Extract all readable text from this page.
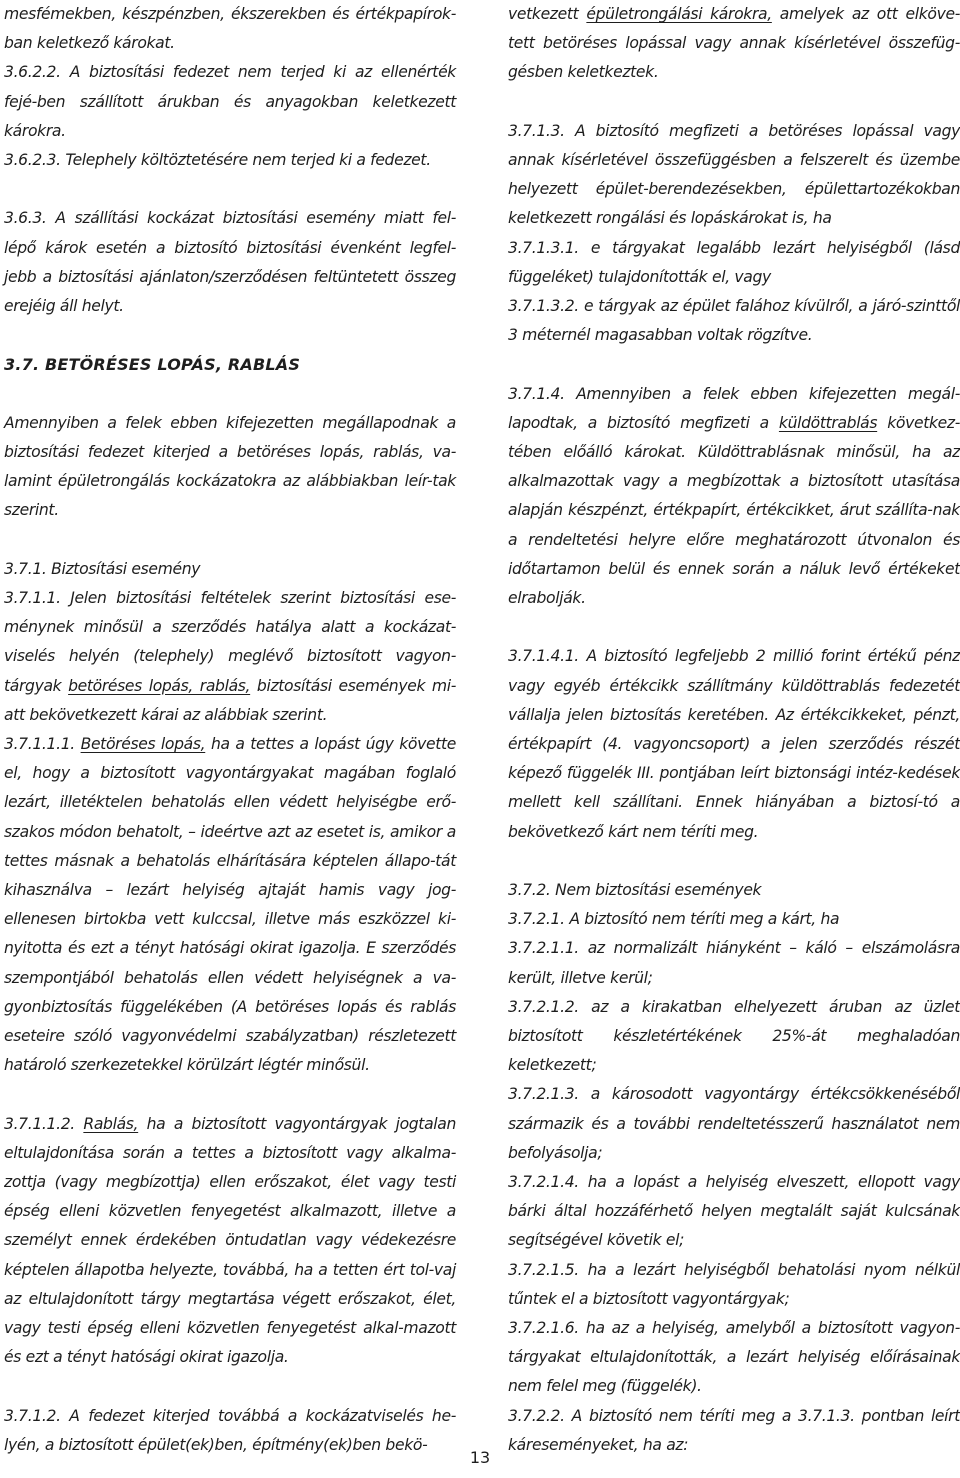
mesfémekben, készpénzben, ékszerekben és értékpapírok-ban keletkező károkat.
3.6.2.2. A biztosítási fedezet nem terjed ki az ellenérték fejé-ben szállított árukban és anyagokban keletkezett károkra.
3.6.2.3. Telephely költöztetésére nem terjed ki a fedezet.
3.6.3. A szállítási kockázat biztosítási esemény miatt fel-lépő károk esetén a biztosító biztosítási évenként legfel-jebb a biztosítási ajánlaton/szerződésen feltüntetett összeg erejéig áll helyt.
3.7. BETÖRÉSES LOPÁS, RABLÁS
Amennyiben a felek ebben kifejezetten megállapodnak a biztosítási fedezet kiterjed a betöréses lopás, rablás, va-lamint épületrongálás kockázatokra az alábbiakban leír-tak szerint.
3.7.1. Biztosítási esemény
3.7.1.1. Jelen biztosítási feltételek szerint biztosítási ese-ménynek minősül a szerződés hatálya alatt a kockázat-viselés helyén (telephely) meglévő biztosított vagyon-tárgyak betöréses lopás, rablás, biztosítási események mi-att bekövetkezett kárai az alábbiak szerint.
3.7.1.1.1. Betöréses lopás, ha a tettes a lopást úgy követte el, hogy a biztosított vagyontárgyakat magában foglaló lezárt, illetéktelen behatolás ellen védett helyiségbe erő-szakos módon behatolt, – ideértve azt az esetet is, amikor a tettes másnak a behatolás elhárítására képtelen állapo-tát kihasználva – lezárt helyiség ajtaját hamis vagy jog-ellenesen birtokba vett kulccsal, illetve más eszközzel ki-nyitotta és ezt a tényt hatósági okirat igazolja. E szerződés szempontjából behatolás ellen védett helyiségnek a va-gyonbiztosítás függelékében (A betöréses lopás és rablás eseteire szóló vagyonvédelmi szabályzatban) részletezett határoló szerkezetekkel körülzárt légtér minősül.
3.7.1.1.2. Rablás, ha a biztosított vagyontárgyak jogtalan eltulajdonítása során a tettes a biztosított vagy alkalma-zottja (vagy megbízottja) ellen erőszakot, élet vagy testi épség elleni közvetlen fenyegetést alkalmazott, illetve a személyt ennek érdekében öntudatlan vagy védekezésre képtelen állapotba helyezte, továbbá, ha a tetten ért tol-vaj az eltulajdonított tárgy megtartása végett erőszakot, élet, vagy testi épség elleni közvetlen fenyegetést alkal-mazott és ezt a tényt hatósági okirat igazolja.
3.7.1.2. A fedezet kiterjed továbbá a kockázatviselés he-lyén, a biztosított épület(ek)ben, építmény(ek)ben bekö-
vetkezett épületrongálási károkra, amelyek az ott elköve-tett betöréses lopással vagy annak kísérletével összefüg-gésben keletkeztek.
3.7.1.3. A biztosító megfizeti a betöréses lopással vagy annak kísérletével összefüggésben a felszerelt és üzembe helyezett épület-berendezésekben, épülettartozékokban keletkezett rongálási és lopáskárokat is, ha
3.7.1.3.1. e tárgyakat legalább lezárt helyiségből (lásd függeléket) tulajdonították el, vagy
3.7.1.3.2. e tárgyak az épület falához kívülről, a járó-szinttől 3 méternél magasabban voltak rögzítve.
3.7.1.4. Amennyiben a felek ebben kifejezetten megál-lapodtak, a biztosító megfizeti a küldöttrablás következ-tében előálló károkat. Küldöttrablásnak minősül, ha az alkalmazottak vagy a megbízottak a biztosított utasítása alapján készpénzt, értékpapírt, értékcikket, árut szállíta-nak a rendeltetési helyre előre meghatározott útvonalon és időtartamon belül és ennek során a náluk levő értékeket elrabolják.
3.7.1.4.1. A biztosító legfeljebb 2 millió forint értékű pénz vagy egyéb értékcikk szállítmány küldöttrablás fedezetét vállalja jelen biztosítás keretében. Az értékcikkeket, pénzt, értékpapírt (4. vagyoncsoport) a jelen szerződés részét képező függelék III. pontjában leírt biztonsági intéz-kedések mellett kell szállítani. Ennek hiányában a biztosí-tó a bekövetkező kárt nem téríti meg.
3.7.2. Nem biztosítási események
3.7.2.1. A biztosító nem téríti meg a kárt, ha
3.7.2.1.1. az normalizált hiányként – káló – elszámolásra került, illetve kerül;
3.7.2.1.2. az a kirakatban elhelyezett áruban az üzlet biztosított készletértékének 25%-át meghaladóan keletkezett;
3.7.2.1.3. a károsodott vagyontárgy értékcsökkenéséből származik és a további rendeltetésszerű használatot nem befolyásolja;
3.7.2.1.4. ha a lopást a helyiség elveszett, ellopott vagy bárki által hozzáférhető helyen megtalált saját kulcsának segítségével követik el;
3.7.2.1.5. ha a lezárt helyiségből behatolási nyom nélkül tűntek el a biztosított vagyontárgyak;
3.7.2.1.6. ha az a helyiség, amelyből a biztosított vagyon-tárgyakat eltulajdonították, a lezárt helyiség előírásainak nem felel meg (függelék).
3.7.2.2. A biztosító nem téríti meg a 3.7.1.3. pontban leírt káreseményeket, ha az:
13
